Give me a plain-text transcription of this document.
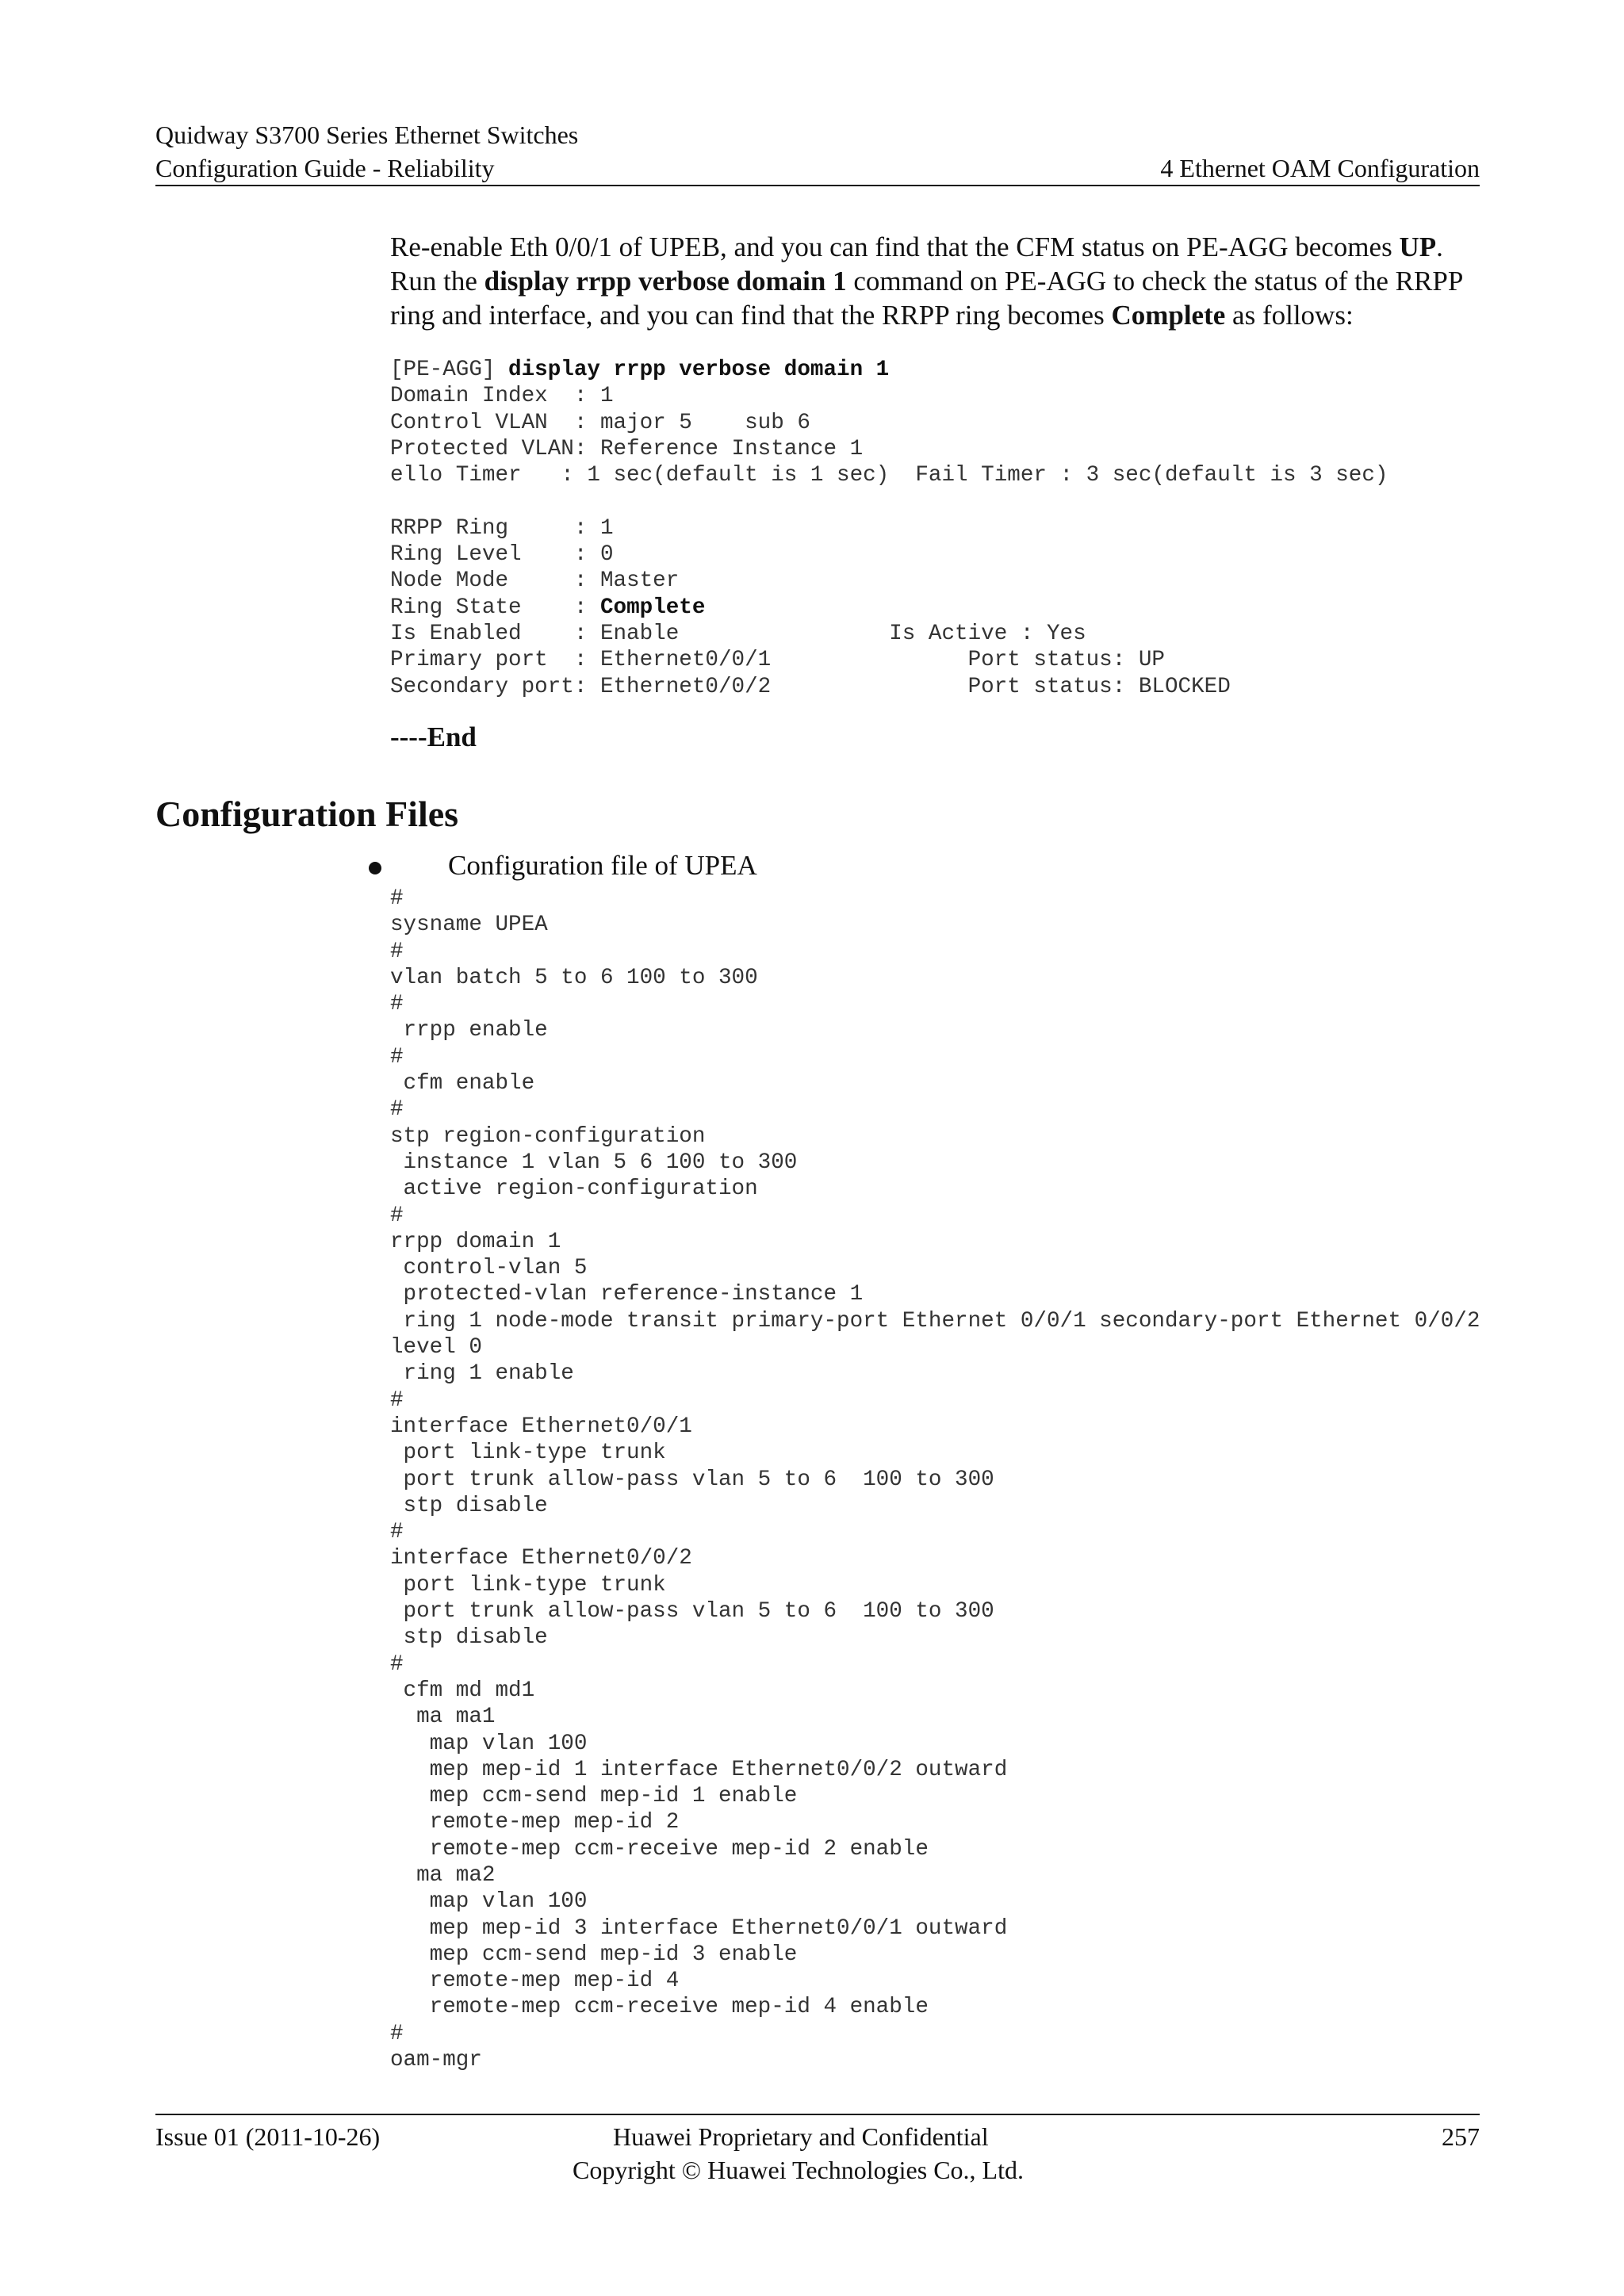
Quidway S3700 Series Ethernet Switches
Configuration Guide - Reliability	4 Ethernet OAM Configuration
Re-enable Eth 0/0/1 of UPEB, and you can find that the CFM status on PE-AGG becomes UP. Run the display rrpp verbose domain 1 command on PE-AGG to check the status of the RRPP ring and interface, and you can find that the RRPP ring becomes Complete as follows:
[PE-AGG] display rrpp verbose domain 1
Domain Index  : 1
Control VLAN  : major 5    sub 6
Protected VLAN: Reference Instance 1
ello Timer   : 1 sec(default is 1 sec)  Fail Timer : 3 sec(default is 3 sec)

RRPP Ring     : 1
Ring Level    : 0
Node Mode     : Master
Ring State    : Complete
Is Enabled    : Enable                Is Active : Yes
Primary port  : Ethernet0/0/1               Port status: UP
Secondary port: Ethernet0/0/2               Port status: BLOCKED
----End
Configuration Files
Configuration file of UPEA
#
sysname UPEA
#
vlan batch 5 to 6 100 to 300
#
rrpp enable
#
cfm enable
#
stp region-configuration
instance 1 vlan 5 6 100 to 300
active region-configuration
#
rrpp domain 1
control-vlan 5
protected-vlan reference-instance 1
ring 1 node-mode transit primary-port Ethernet 0/0/1 secondary-port Ethernet 0/0/2
level 0
ring 1 enable
#
interface Ethernet0/0/1
port link-type trunk
port trunk allow-pass vlan 5 to 6  100 to 300
stp disable
#
interface Ethernet0/0/2
port link-type trunk
port trunk allow-pass vlan 5 to 6  100 to 300
stp disable
#
cfm md md1
ma ma1
map vlan 100
mep mep-id 1 interface Ethernet0/0/2 outward
mep ccm-send mep-id 1 enable
remote-mep mep-id 2
remote-mep ccm-receive mep-id 2 enable
ma ma2
map vlan 100
mep mep-id 3 interface Ethernet0/0/1 outward
mep ccm-send mep-id 3 enable
remote-mep mep-id 4
remote-mep ccm-receive mep-id 4 enable
#
oam-mgr
Issue 01 (2011-10-26)	Huawei Proprietary and Confidential
Copyright © Huawei Technologies Co., Ltd.
257
